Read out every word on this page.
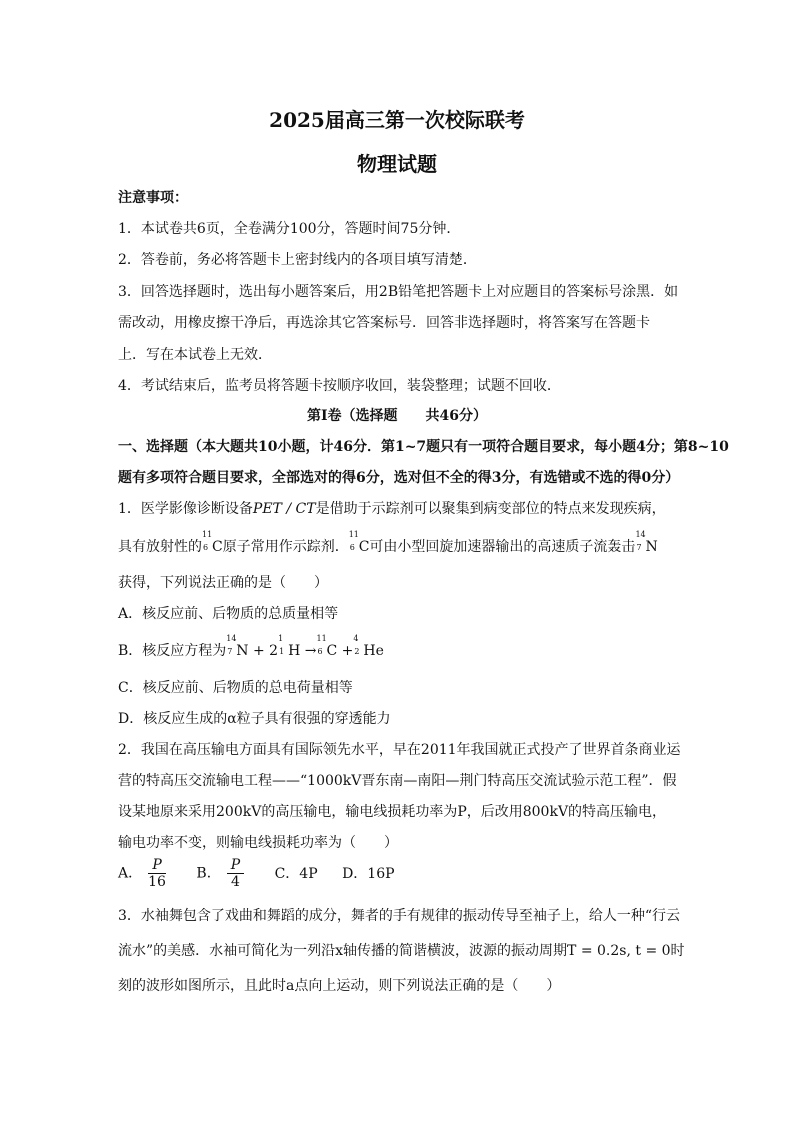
2025届高三第一次校际联考
物理试题
注意事项：
1．本试卷共6页，全卷满分100分，答题时间75分钟．
2．答卷前，务必将答题卡上密封线内的各项目填写清楚．
3．回答选择题时，选出每小题答案后，用2B铅笔把答题卡上对应题目的答案标号涂黑．如
需改动，用橡皮擦干净后，再选涂其它答案标号．回答非选择题时，将答案写在答题卡
上．写在本试卷上无效．
4．考试结束后，监考员将答题卡按顺序收回，装袋整理；试题不回收．
第Ⅰ卷（选择题　　共46分）
一、选择题（本大题共10小题，计46分．第1~7题只有一项符合题目要求，每小题4分；第8~10
题有多项符合题目要求，全部选对的得6分，选对但不全的得3分，有选错或不选的得0分）
1．医学影像诊断设备PET / CT是借助于示踪剂可以聚集到病变部位的特点来发现疾病，
具有放射性的
11
6 C原子常用作示踪剂．
11
6 C可由小型回旋加速器输出的高速质子流轰击
14
7 N
获得，下列说法正确的是（　　）
A．核反应前、后物质的总质量相等
B．核反应方程为
14
7 N + 2
1
1 H →
11
6 C +
4
2 He
C．核反应前、后物质的总电荷量相等
D．核反应生成的α粒子具有很强的穿透能力
2．我国在高压输电方面具有国际领先水平，早在2011年我国就正式投产了世界首条商业运
营的特高压交流输电工程——“1000kV晋东南—南阳—荆门特高压交流试验示范工程”．假
设某地原来采用200kV的高压输电，输电线损耗功率为P，后改用800kV的特高压输电，
输电功率不变，则输电线损耗功率为（　　）
A． $\frac{P}{16}$ B． $\frac{P}{4}$ C．4P D．16P
3．水袖舞包含了戏曲和舞蹈的成分，舞者的手有规律的振动传导至袖子上，给人一种“行云
流水”的美感．水袖可简化为一列沿x轴传播的简谐横波，波源的振动周期T = 0.2s, t = 0时
刻的波形如图所示，且此时a点向上运动，则下列说法正确的是（　　）
